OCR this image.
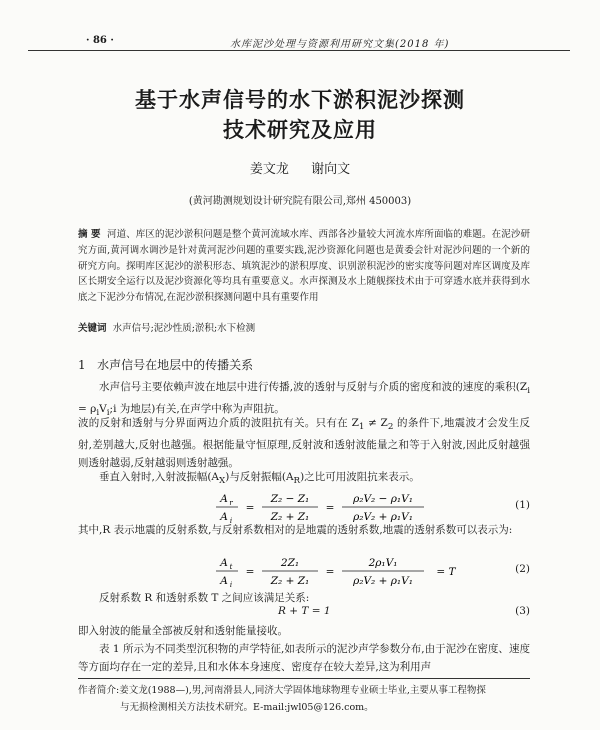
· 86 ·	水库泥沙处理与资源利用研究文集(2018 年)
基于水声信号的水下淤积泥沙探测
技术研究及应用
姜文龙 谢向文
(黄河勘测规划设计研究院有限公司,郑州 450003)
摘 要 河道、库区的泥沙淤积问题是整个黄河流域水库、西部各沙量较大河流水库所面临的难题。在泥沙研究方面,黄河调水调沙是针对黄河泥沙问题的重要实践,泥沙资源化问题也是黄委会针对泥沙问题的一个新的研究方向。探明库区泥沙的淤积形态、填筑泥沙的淤积厚度、识别淤积泥沙的密实度等问题对库区调度及库区长期安全运行以及泥沙资源化等均具有重要意义。水声探测及水上随舰探技术由于可穿透水底并获得到水底之下泥沙分布情况,在泥沙淤积探测问题中具有重要作用
关键词 水声信号;泥沙性质;淤积;水下检测
1 水声信号在地层中的传播关系
水声信号主要依赖声波在地层中进行传播,波的透射与反射与介质的密度和波的速度的乘积($Z_i$ = $\rho_iV_i;i$ 为地层)有关,在声学中称为声阻抗。
波的反射和透射与分界面两边介质的波阻抗有关。只有在 $Z_1 \ne Z_2$ 的条件下,地震波才会发生反射,差别越大,反射也越强。根据能量守恒原理,反射波和透射波能量之和等于入射波,因此反射越强则透射越弱,反射越弱则透射越强。
垂直入射时,入射波振幅$(A_X)$与反射振幅$(A_R)$之比可用波阻抗来表示。
A r
A i
=
Z₂ − Z₁
Z₂ + Z₁
=
ρ₂V₂ − ρ₁V₁
ρ₂V₂ + ρ₁V₁
(1)
其中,R 表示地震的反射系数,与反射系数相对的是地震的透射系数,地震的透射系数可以表示为:
A t
A i
=
2Z₁
Z₂ + Z₁
=
2ρ₁V₁
ρ₂V₂ + ρ₁V₁
= T	(2)
反射系数 R 和透射系数 T 之间应该满足关系:
R + T = 1	(3)
即入射波的能量全部被反射和透射能量接收。
表 1 所示为不同类型沉积物的声学特征,如表所示的泥沙声学参数分布,由于泥沙在密度、速度等方面均存在一定的差异,且和水体本身速度、密度存在较大差异,这为利用声
作者简介:姜文龙(1988—),男,河南滑县人,同济大学固体地球物理专业硕士毕业,主要从事工程物探
与无损检测相关方法技术研究。E-mail:jwl05@126.com。
